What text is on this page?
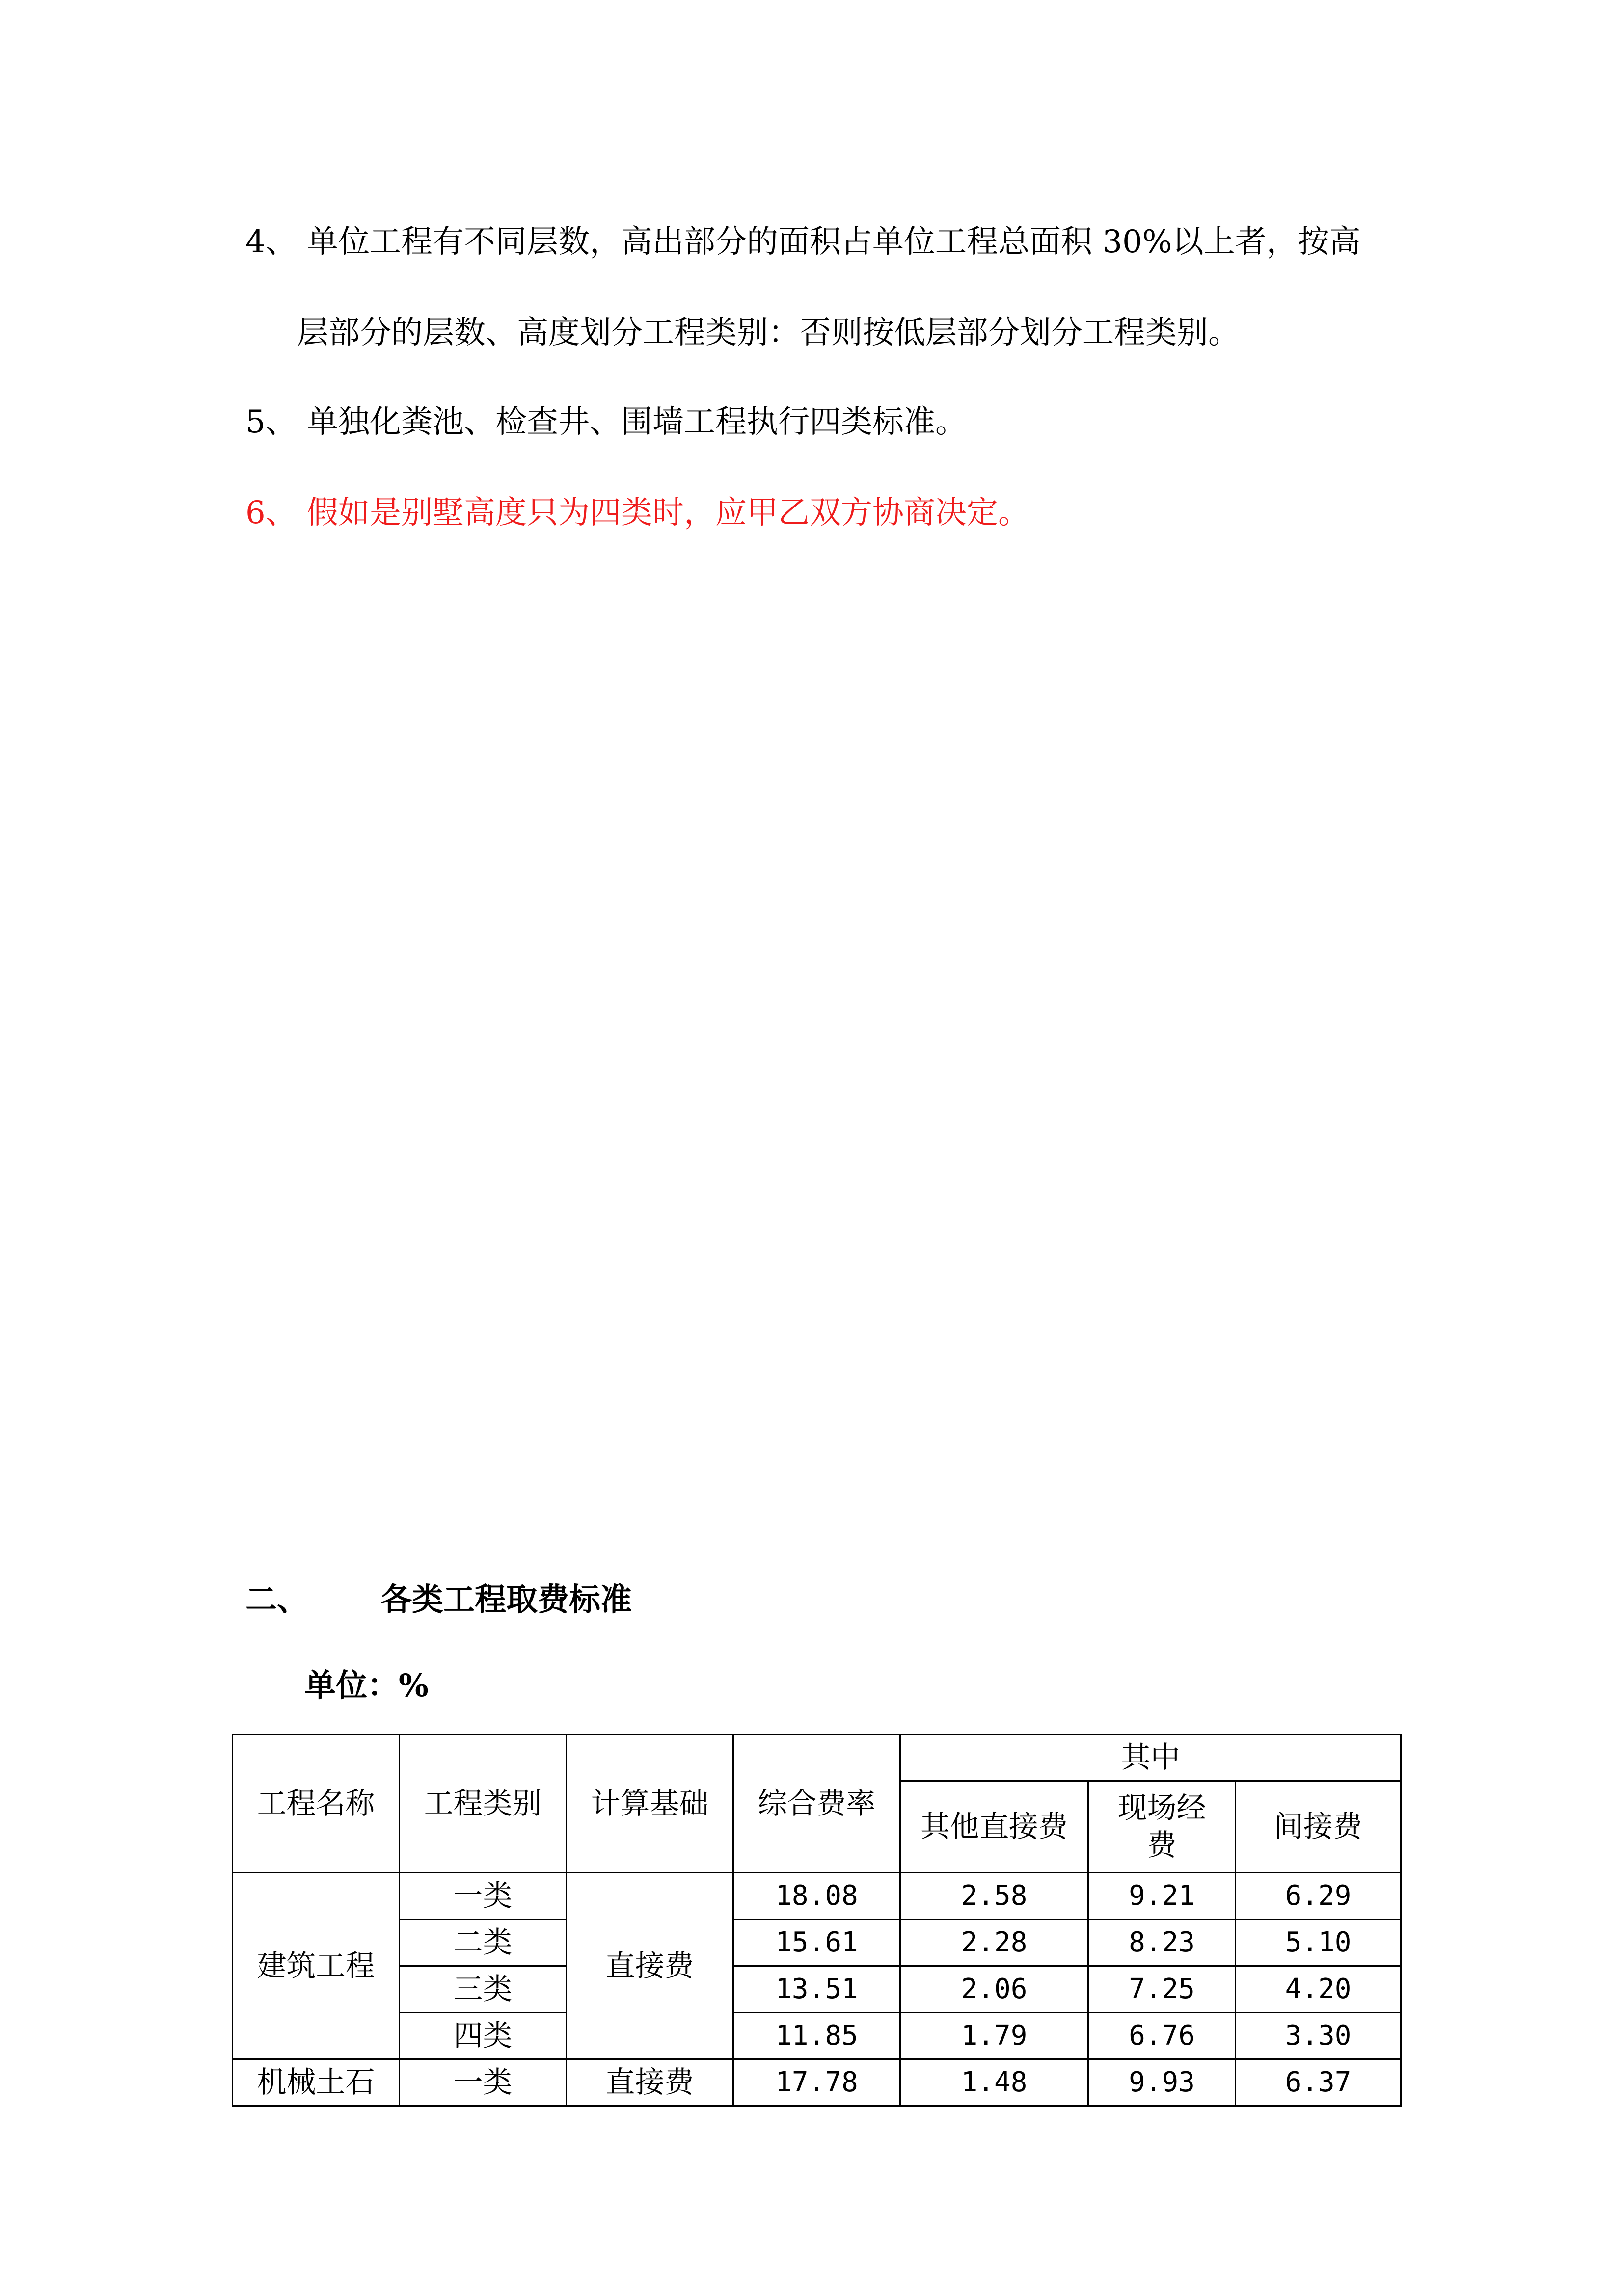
4、 单位工程有不同层数，高出部分的面积占单位工程总面积 30%以上者，按高
层部分的层数、高度划分工程类别：否则按低层部分划分工程类别。
5、 单独化粪池、检查井、围墙工程执行四类标准。
6、 假如是别墅高度只为四类时，应甲乙双方协商决定。
二、 各类工程取费标准
单位：%
工程名称	工程类别	计算基础	综合费率	其中		
				其他直接费	现场经费	间接费
建筑工程	一类	直接费	18.08	2.58	9.21	6.29
	二类		15.61	2.28	8.23	5.10
	三类		13.51	2.06	7.25	4.20
	四类		11.85	1.79	6.76	3.30
机械土石	一类	直接费	17.78	1.48	9.93	6.37
